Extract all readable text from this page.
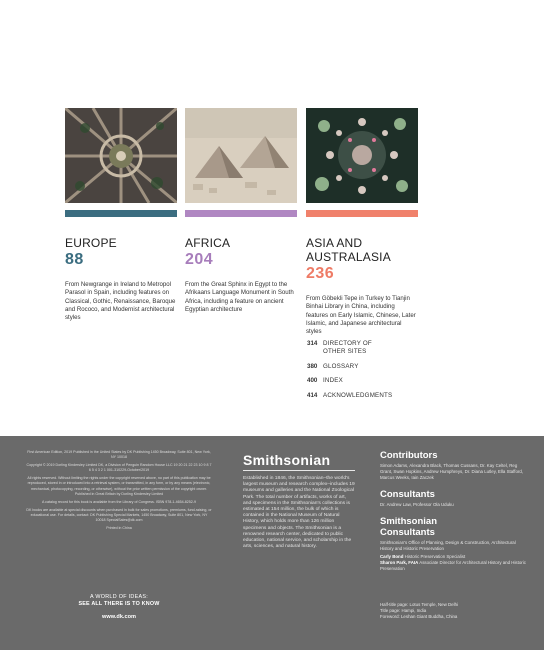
EUROPE
88
From Newgrange in Ireland to Metropol Parasol in Spain, including features on Classical, Gothic, Renaissance, Baroque and Rococo, and Modernist architectural styles
AFRICA
204
From the Great Sphinx in Egypt to the Afrikaans Language Monument in South Africa, including a feature on ancient Egyptian architecture
ASIA AND
AUSTRALASIA
236
From Göbekli Tepe in Turkey to Tianjin Binhai Library in China, including features on Early Islamic, Chinese, Later Islamic, and Japanese architectural styles
314 DIRECTORY OF
OTHER SITES
380 GLOSSARY
400 INDEX
414 ACKNOWLEDGMENTS

First American Edition, 2019 Published in the United States by DK Publishing 1450 Broadway, Suite 801, New York, NY 10018

Copyright © 2019 Dorling Kindersley Limited DK, a Division of Penguin Random House LLC 19 20 21 22 23 10 9 8 7 6 5 4 3 2 1 001-310229-October/2019

All rights reserved. Without limiting the rights under the copyright reserved above, no part of this publication may be reproduced, stored in or introduced into a retrieval system, or transmitted, in any form, or by any means (electronic, mechanical, photocopying, recording, or otherwise), without the prior written permission of the copyright owner. Published in Great Britain by Dorling Kindersley Limited

A catalog record for this book is available from the Library of Congress. ISBN 978-1-4654-8252-9

DK books are available at special discounts when purchased in bulk for sales promotions, premiums, fund-raising, or educational use. For details, contact: DK Publishing Special Markets, 1450 Broadway, Suite 801, New York, NY 10018 SpecialSales@dk.com

Printed in China

A WORLD OF IDEAS:
SEE ALL THERE IS TO KNOW
www.dk.com
Smithsonian
Established in 1846, the Smithsonian–the world's largest museum and research complex–includes 19 museums and galleries and the National Zoological Park. The total number of artifacts, works of art, and specimens in the Smithsonian's collections is estimated at 154 million, the bulk of which is contained in the National Museum of Natural History, which holds more than 126 million specimens and objects. The Smithsonian is a renowned research center, dedicated to public education, national service, and scholarship in the arts, sciences, and natural history.
Contributors
Simon Adams, Alexandra Black, Thomas Cussans, Dr. Kay Celtel, Reg Grant, Swan Hopkins, Andrew Humphreys, Dr. Diana Lutley, Ella Stafford, Marcus Weeks, Iain Zaczek
Consultants
Dr. Andrew Law, Professor Ola Uduku
Smithsonian
Consultants
Smithsonian's Office of Planning, Design & Construction, Architectural History and Historic Preservation
Carly Bond Historic Preservation Specialist
Sharon Park, FAIA Associate Director for Architectural History and Historic Preservation
Half-title page: Lotus Temple, New Delhi
Title page: Hampi, India
Foreword: Leshan Giant Buddha, China
